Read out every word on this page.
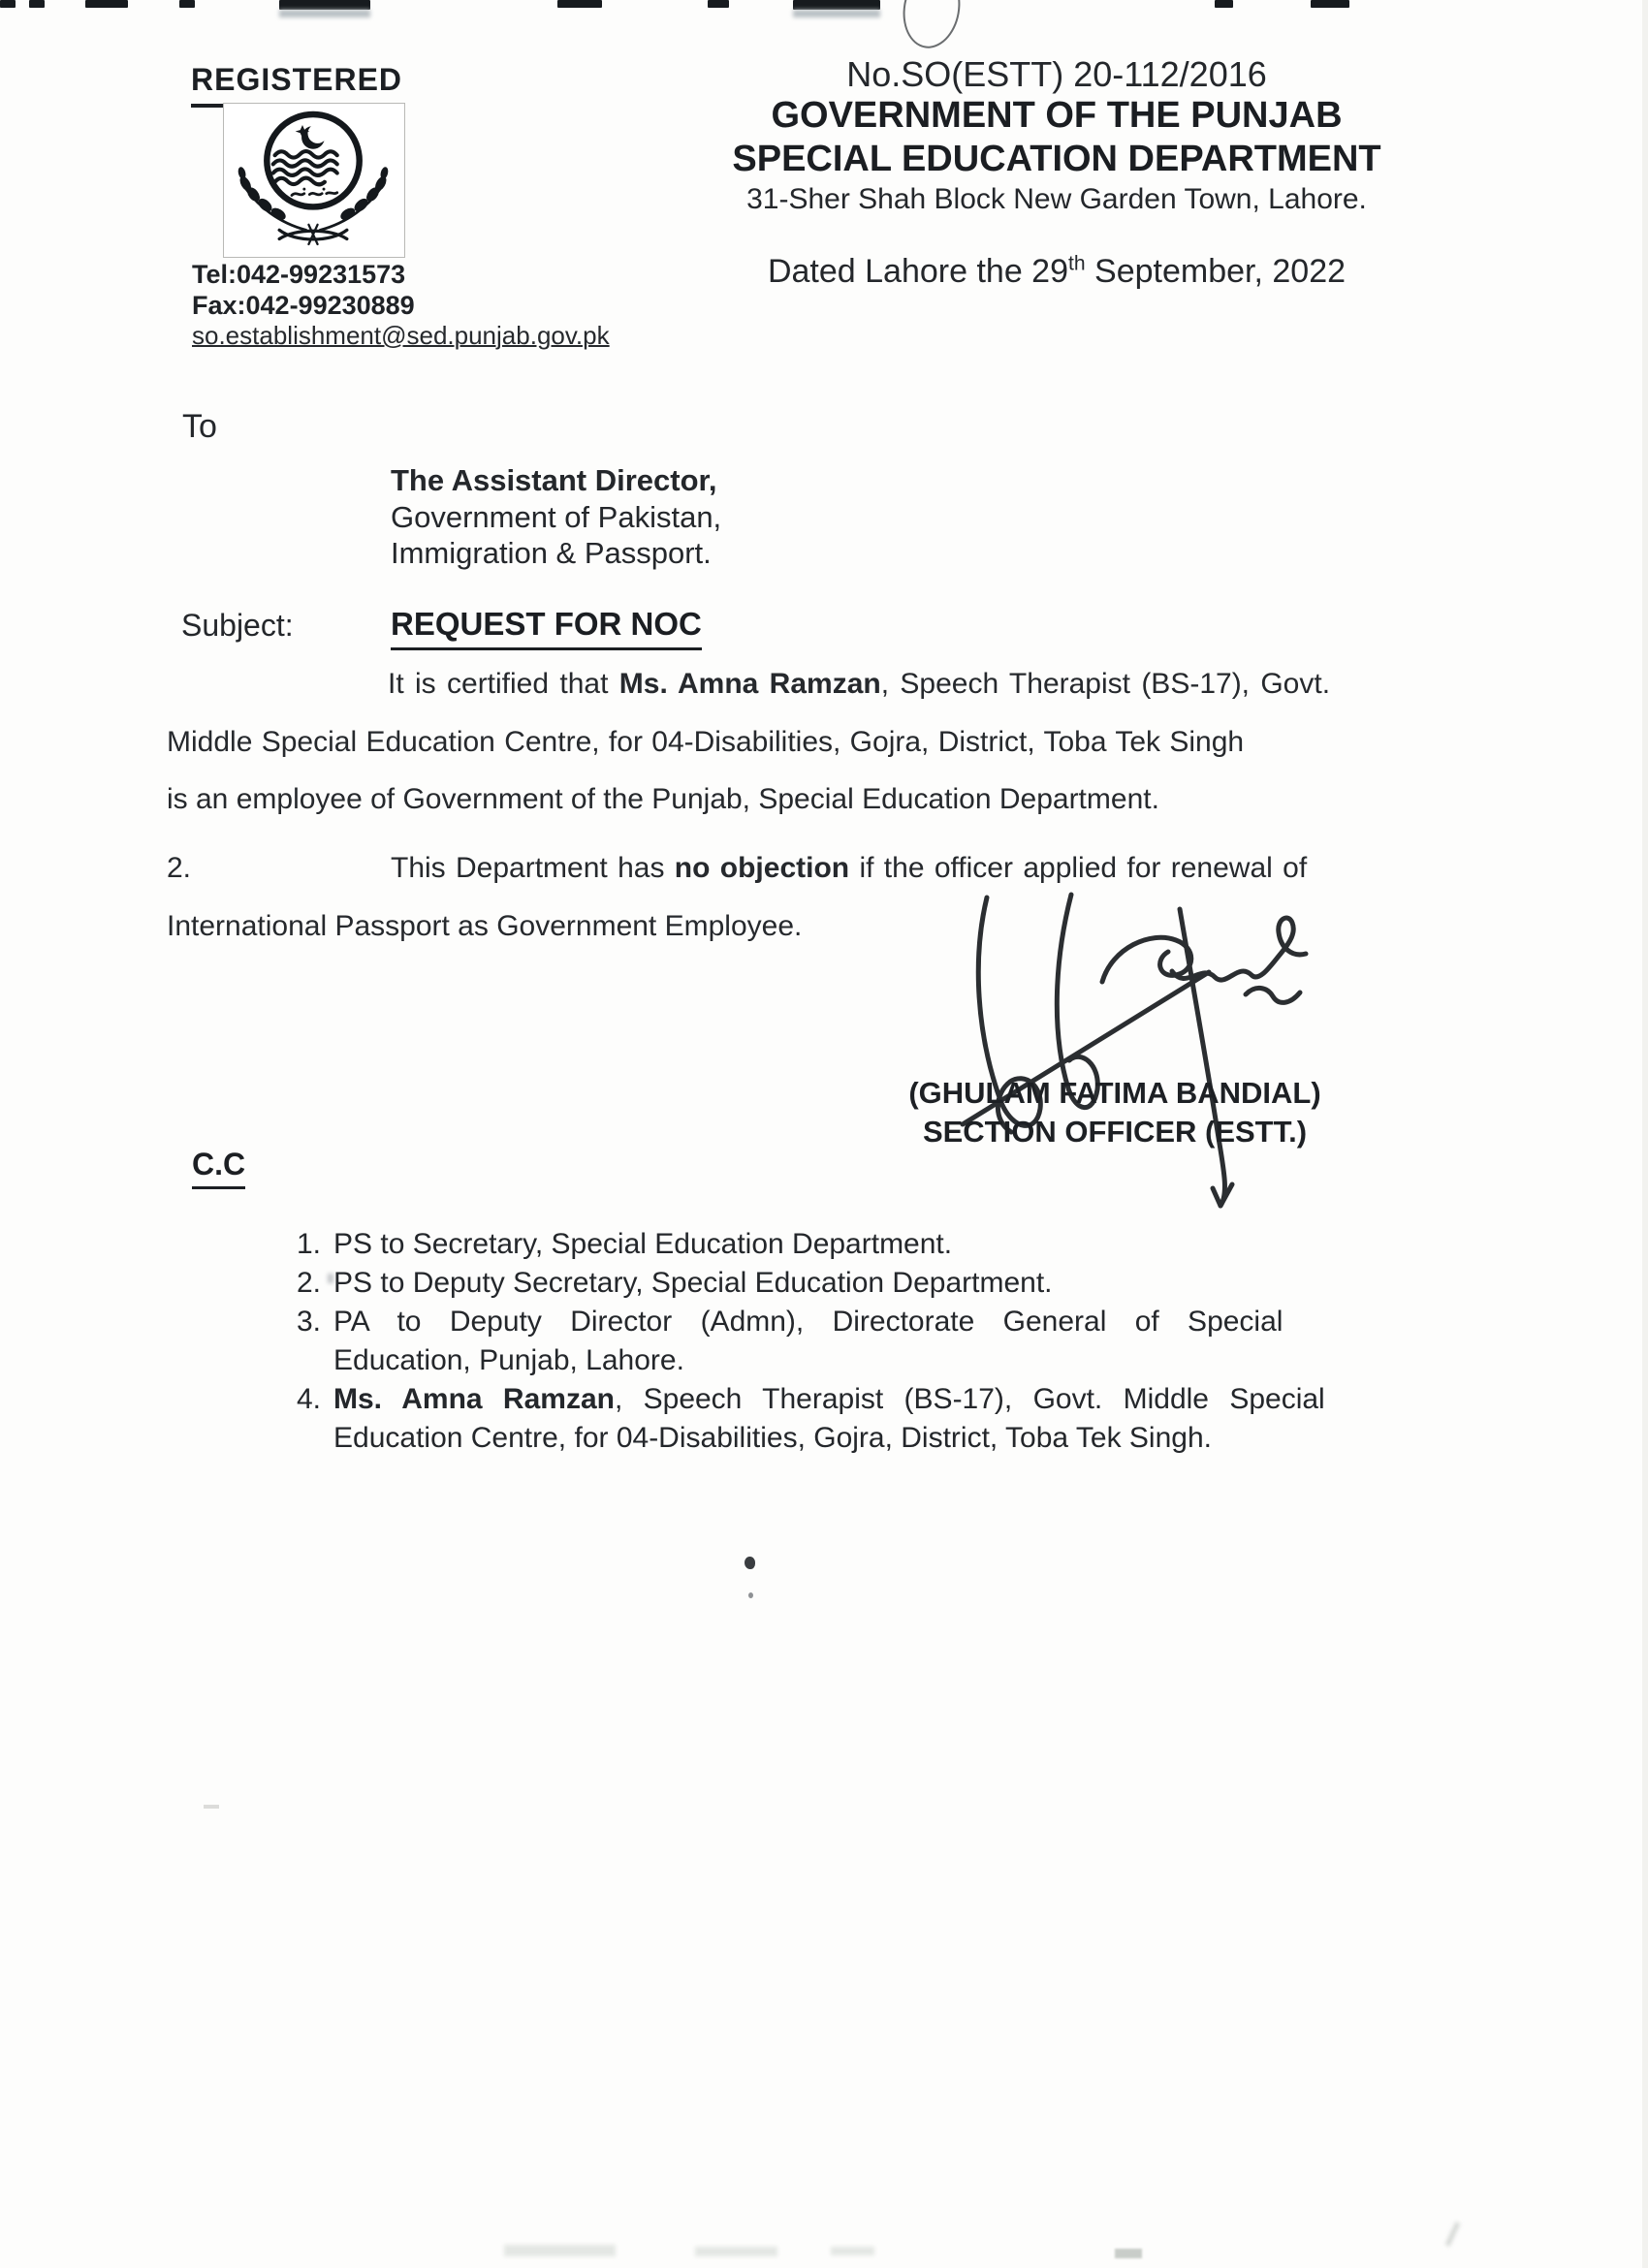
REGISTERED
Tel:042-99231573
Fax:042-99230889
so.establishment@sed.punjab.gov.pk
No.SO(ESTT) 20-112/2016
GOVERNMENT OF THE PUNJAB
SPECIAL EDUCATION DEPARTMENT
31-Sher Shah Block New Garden Town, Lahore.
Dated Lahore the 29th September, 2022
To
The Assistant Director,
Government of Pakistan,
Immigration & Passport.
Subject:	REQUEST FOR NOC
It is certified that Ms. Amna Ramzan, Speech Therapist (BS-17), Govt.
Middle Special Education Centre, for 04-Disabilities, Gojra, District, Toba Tek Singh
is an employee of Government of the Punjab, Special Education Department.
2.	This Department has no objection if the officer applied for renewal of
International Passport as Government Employee.
(GHULAM FATIMA BANDIAL)
SECTION OFFICER (ESTT.)
C.C
1. PS to Secretary, Special Education Department.
2. PS to Deputy Secretary, Special Education Department.
3. PA to Deputy Director (Admn), Directorate General of Special
Education, Punjab, Lahore.
4. Ms. Amna Ramzan, Speech Therapist (BS-17), Govt. Middle Special
Education Centre, for 04-Disabilities, Gojra, District, Toba Tek Singh.
